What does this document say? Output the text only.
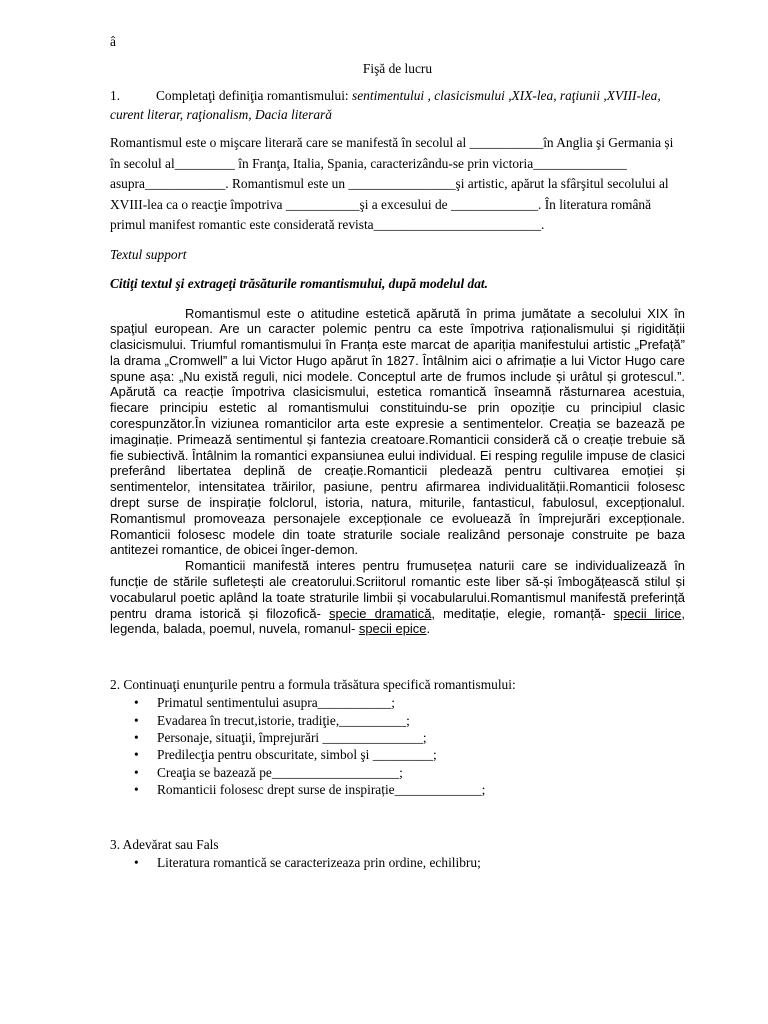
â
Fişă de lucru
1.	Completaţi definiţia romantismului: sentimentului , clasicismului ,XIX-lea, raţiunii ,XVIII-lea, curent literar, raţionalism, Dacia literară
Romantismul este o mişcare literară care se manifestă în secolul al ___________în Anglia şi Germania și în secolul al_________ în Franţa, Italia, Spania, caracterizându-se prin victoria______________ asupra____________. Romantismul este un ________________şi artistic, apărut la sfârşitul secolului al XVIII-lea ca o reacţie împotriva ___________şi a excesului de _____________. În literatura română primul manifest romantic este considerată revista_________________________.
Textul support
Citiţi textul şi extrageţi trăsăturile romantismului, după modelul dat.

Romantismul este o atitudine estetică apărută în prima jumătate a secolului XIX în spaţiul european. Are un caracter polemic pentru ca este împotriva raționalismului și rigidității clasicismului. Triumful romantismului în Franța este marcat de apariția manifestului artistic „Prefață” la drama „Cromwell” a lui Victor Hugo apărut în 1827. Întâlnim aici o afrimație a lui Victor Hugo care spune așa: „Nu există reguli, nici modele. Conceptul arte de frumos include și urâtul și grotescul.”. Apărută ca reacție împotriva clasicismului, estetica romantică înseamnă răsturnarea acestuia, fiecare principiu estetic al romantismului constituindu-se prin opoziție cu principiul clasic corespunzător.În viziunea romanticilor arta este expresie a sentimentelor. Creația se bazează pe imaginație. Primează sentimentul și fantezia creatoare.Romanticii consideră că o creație trebuie să fie subiectivă. Întâlnim la romantici expansiunea eului individual. Ei resping regulile impuse de clasici preferând libertatea deplină de creație.Romanticii pledează pentru cultivarea emoției și sentimentelor, intensitatea trăirilor, pasiune, pentru afirmarea individualității.Romanticii folosesc drept surse de inspirație folclorul, istoria, natura, miturile, fantasticul, fabulosul, excepționalul. Romantismul promoveaza personajele excepționale ce evoluează în împrejurări excepționale. Romanticii folosesc modele din toate straturile sociale realizând personaje construite pe baza antitezei romantice, de obicei înger-demon.

Romanticii manifestă interes pentru frumusețea naturii care se individualizează în funcție de stările sufletești ale creatorului.Scriitorul romantic este liber să-și îmbogățească stilul și vocabularul poetic aplând la toate straturile limbii și vocabularului.Romantismul manifestă preferință pentru drama istorică și filozofică- specie dramatică, meditație, elegie, romanță- specii lirice, legenda, balada, poemul, nuvela, romanul- specii epice.

2. Continuaţi enunţurile pentru a formula trăsătura specifică romantismului:
• Primatul sentimentului asupra___________;
• Evadarea în trecut,istorie, tradiţie,__________;
• Personaje, situaţii, împrejurări _______________;
• Predilecţia pentru obscuritate, simbol şi _________;
• Creaţia se bazează pe___________________;
• Romanticii folosesc drept surse de inspirație_____________;
3. Adevărat sau Fals
• Literatura romantică se caracterizeaza prin ordine, echilibru;
